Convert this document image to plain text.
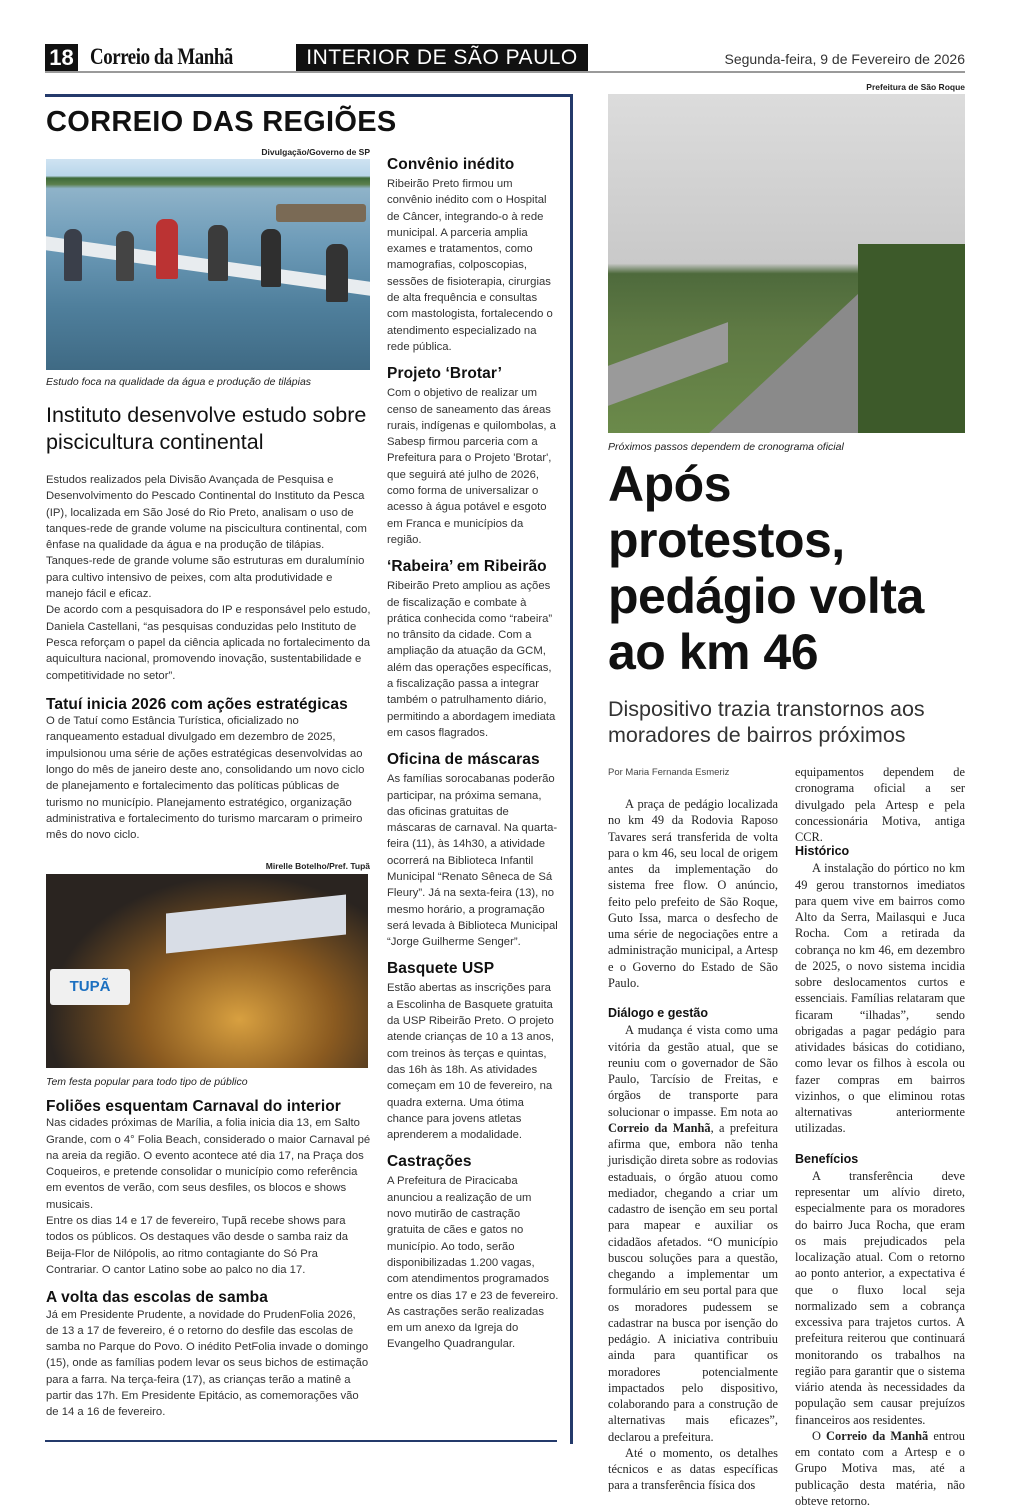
18 Correio da Manhã	INTERIOR DE SÃO PAULO	Segunda-feira, 9 de Fevereiro de 2026
CORREIO DAS REGIÕES
Divulgação/Governo de SP
Estudo foca na qualidade da água e produção de tilápias
Instituto desenvolve estudo sobre piscicultura continental

Estudos realizados pela Divisão Avançada de Pesquisa e Desenvolvimento do Pescado Continental do Instituto da Pesca (IP), localizada em São José do Rio Preto, analisam o uso de tanques-rede de grande volume na piscicultura continental, com ênfase na qualidade da água e na produção de tilápias. Tanques-rede de grande volume são estruturas em duralumínio para cultivo intensivo de peixes, com alta produtividade e manejo fácil e eficaz.

De acordo com a pesquisadora do IP e responsável pelo estudo, Daniela Castellani, “as pesquisas conduzidas pelo Instituto de Pesca reforçam o papel da ciência aplicada no fortalecimento da aquicultura nacional, promovendo inovação, sustentabilidade e competitividade no setor”.

Tatuí inicia 2026 com ações estratégicas

O de Tatuí como Estância Turística, oficializado no ranqueamento estadual divulgado em dezembro de 2025, impulsionou uma série de ações estratégicas desenvolvidas ao longo do mês de janeiro deste ano, consolidando um novo ciclo de planejamento e fortalecimento das políticas públicas de turismo no município. Planejamento estratégico, organização administrativa e fortalecimento do turismo marcaram o primeiro mês do novo ciclo.

Mirelle Botelho/Pref. Tupã
TUPÃ
Tem festa popular para todo tipo de público
Foliões esquentam Carnaval do interior

Nas cidades próximas de Marília, a folia inicia dia 13, em Salto Grande, com o 4° Folia Beach, considerado o maior Carnaval pé na areia da região. O evento acontece até dia 17, na Praça dos Coqueiros, e pretende consolidar o município como referência em eventos de verão, com seus desfiles, os blocos e shows musicais.

Entre os dias 14 e 17 de fevereiro, Tupã recebe shows para todos os públicos. Os destaques vão desde o samba raiz da Beija-Flor de Nilópolis, ao ritmo contagiante do Só Pra Contrariar. O cantor Latino sobe ao palco no dia 17.

A volta das escolas de samba

Já em Presidente Prudente, a novidade do PrudenFolia 2026, de 13 a 17 de fevereiro, é o retorno do desfile das escolas de samba no Parque do Povo. O inédito PetFolia invade o domingo (15), onde as famílias podem levar os seus bichos de estimação para a farra. Na terça-feira (17), as crianças terão a matinê a partir das 17h. Em Presidente Epitácio, as comemorações vão de 14 a 16 de fevereiro.

Convênio inédito

Ribeirão Preto firmou um convênio inédito com o Hospital de Câncer, integrando-o à rede municipal. A parceria amplia exames e tratamentos, como mamografias, colposcopias, sessões de fisioterapia, cirurgias de alta frequência e consultas com mastologista, fortalecendo o atendimento especializado na rede pública.

Projeto ‘Brotar’

Com o objetivo de realizar um censo de saneamento das áreas rurais, indígenas e quilombolas, a Sabesp firmou parceria com a Prefeitura para o Projeto 'Brotar', que seguirá até julho de 2026, como forma de universalizar o acesso à água potável e esgoto em Franca e municípios da região.

‘Rabeira’ em Ribeirão

Ribeirão Preto ampliou as ações de fiscalização e combate à prática conhecida como “rabeira” no trânsito da cidade. Com a ampliação da atuação da GCM, além das operações específicas, a fiscalização passa a integrar também o patrulhamento diário, permitindo a abordagem imediata em casos flagrados.

Oficina de máscaras

As famílias sorocabanas poderão participar, na próxima semana, das oficinas gratuitas de máscaras de carnaval. Na quarta-feira (11), às 14h30, a atividade ocorrerá na Biblioteca Infantil Municipal “Renato Sêneca de Sá Fleury”. Já na sexta-feira (13), no mesmo horário, a programação será levada à Biblioteca Municipal “Jorge Guilherme Senger”.

Basquete USP

Estão abertas as inscrições para a Escolinha de Basquete gratuita da USP Ribeirão Preto. O projeto atende crianças de 10 a 13 anos, com treinos às terças e quintas, das 16h às 18h. As atividades começam em 10 de fevereiro, na quadra externa. Uma ótima chance para jovens atletas aprenderem a modalidade.

Castrações

A Prefeitura de Piracicaba anunciou a realização de um novo mutirão de castração gratuita de cães e gatos no município. Ao todo, serão disponibilizadas 1.200 vagas, com atendimentos programados entre os dias 17 e 23 de fevereiro. As castrações serão realizadas em um anexo da Igreja do Evangelho Quadrangular.

Prefeitura de São Roque
Próximos passos dependem de cronograma oficial
Após protestos, pedágio volta ao km 46
Dispositivo trazia transtornos aos moradores de bairros próximos
Por Maria Fernanda Esmeriz

A praça de pedágio localizada no km 49 da Rodovia Raposo Tavares será transferida de volta para o km 46, seu local de origem antes da implementação do sistema free flow. O anúncio, feito pelo prefeito de São Roque, Guto Issa, marca o desfecho de uma série de negociações entre a administração municipal, a Artesp e o Governo do Estado de São Paulo.

Diálogo e gestão

A mudança é vista como uma vitória da gestão atual, que se reuniu com o governador de São Paulo, Tarcísio de Freitas, e órgãos de transporte para solucionar o impasse. Em nota ao Correio da Manhã, a prefeitura afirma que, embora não tenha jurisdição direta sobre as rodovias estaduais, o órgão atuou como mediador, chegando a criar um cadastro de isenção em seu portal para mapear e auxiliar os cidadãos afetados. “O município buscou soluções para a questão, chegando a implementar um formulário em seu portal para que os moradores pudessem se cadastrar na busca por isenção do pedágio. A iniciativa contribuiu ainda para quantificar os moradores potencialmente impactados pelo dispositivo, colaborando para a construção de alternativas mais eficazes”, declarou a prefeitura.

Até o momento, os detalhes técnicos e as datas específicas para a transferência física dos

equipamentos dependem de cronograma oficial a ser divulgado pela Artesp e pela concessionária Motiva, antiga CCR.

Histórico

A instalação do pórtico no km 49 gerou transtornos imediatos para quem vive em bairros como Alto da Serra, Mailasqui e Juca Rocha. Com a retirada da cobrança no km 46, em dezembro de 2025, o novo sistema incidia sobre deslocamentos curtos e essenciais. Famílias relataram que ficaram “ilhadas”, sendo obrigadas a pagar pedágio para atividades básicas do cotidiano, como levar os filhos à escola ou fazer compras em bairros vizinhos, o que eliminou rotas alternativas anteriormente utilizadas.

Benefícios

A transferência deve representar um alívio direto, especialmente para os moradores do bairro Juca Rocha, que eram os mais prejudicados pela localização atual. Com o retorno ao ponto anterior, a expectativa é que o fluxo local seja normalizado sem a cobrança excessiva para trajetos curtos. A prefeitura reiterou que continuará monitorando os trabalhos na região para garantir que o sistema viário atenda às necessidades da população sem causar prejuízos financeiros aos residentes.

O Correio da Manhã entrou em contato com a Artesp e o Grupo Motiva mas, até a publicação desta matéria, não obteve retorno.
